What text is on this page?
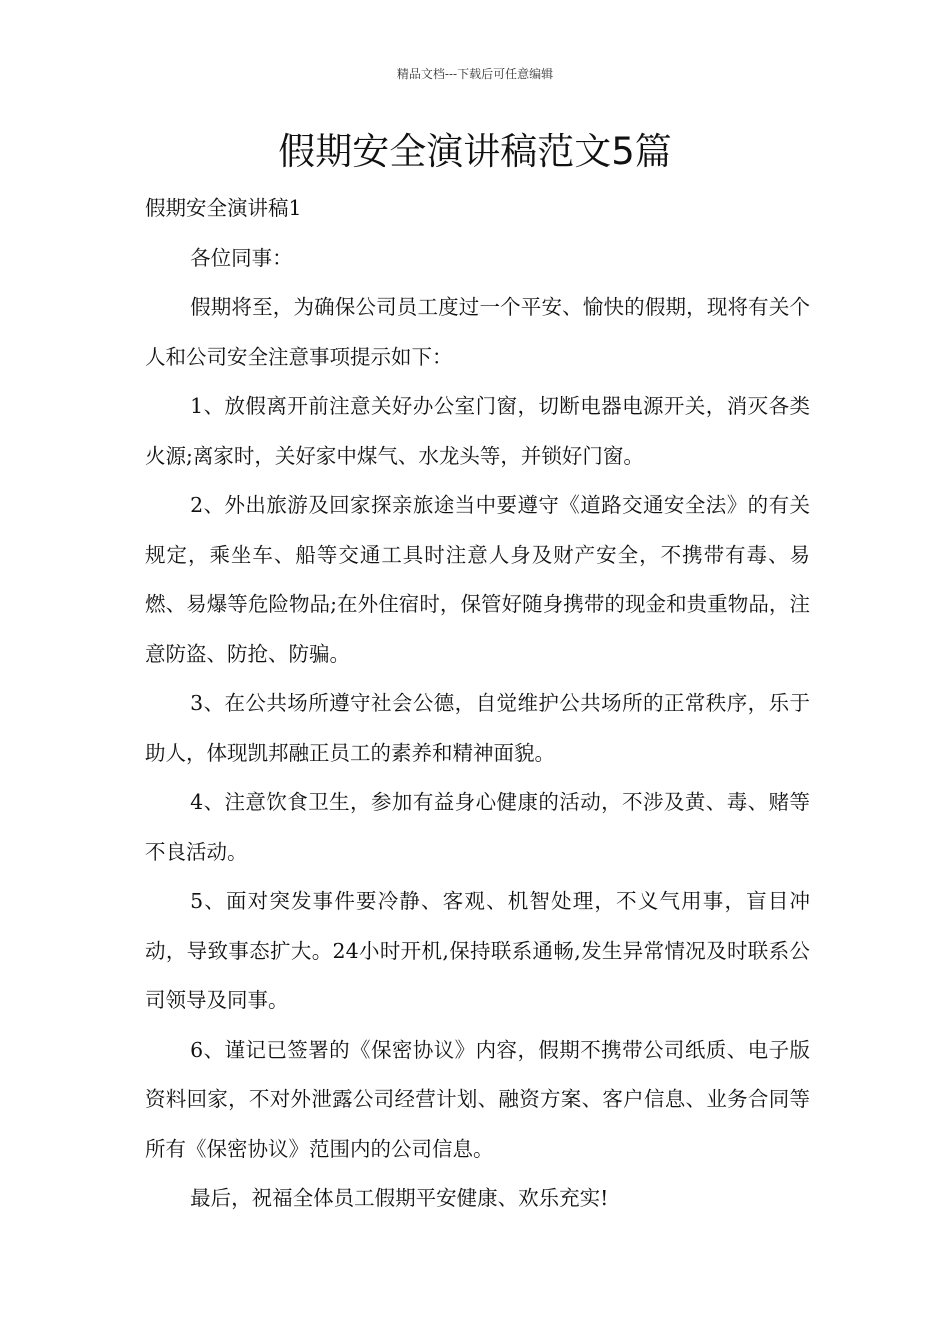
精品文档---下载后可任意编辑
假期安全演讲稿范文5篇

假期安全演讲稿1

各位同事：

假期将至，为确保公司员工度过一个平安、愉快的假期，现将有关个人和公司安全注意事项提示如下：

1、放假离开前注意关好办公室门窗，切断电器电源开关，消灭各类火源;离家时，关好家中煤气、水龙头等，并锁好门窗。

2、外出旅游及回家探亲旅途当中要遵守《道路交通安全法》的有关规定，乘坐车、船等交通工具时注意人身及财产安全，不携带有毒、易燃、易爆等危险物品;在外住宿时，保管好随身携带的现金和贵重物品，注意防盗、防抢、防骗。

3、在公共场所遵守社会公德，自觉维护公共场所的正常秩序，乐于助人，体现凯邦融正员工的素养和精神面貌。

4、注意饮食卫生，参加有益身心健康的活动，不涉及黄、毒、赌等不良活动。

5、面对突发事件要冷静、客观、机智处理，不义气用事，盲目冲动，导致事态扩大。24小时开机,保持联系通畅,发生异常情况及时联系公司领导及同事。

6、谨记已签署的《保密协议》内容，假期不携带公司纸质、电子版资料回家，不对外泄露公司经营计划、融资方案、客户信息、业务合同等所有《保密协议》范围内的公司信息。

最后，祝福全体员工假期平安健康、欢乐充实!
